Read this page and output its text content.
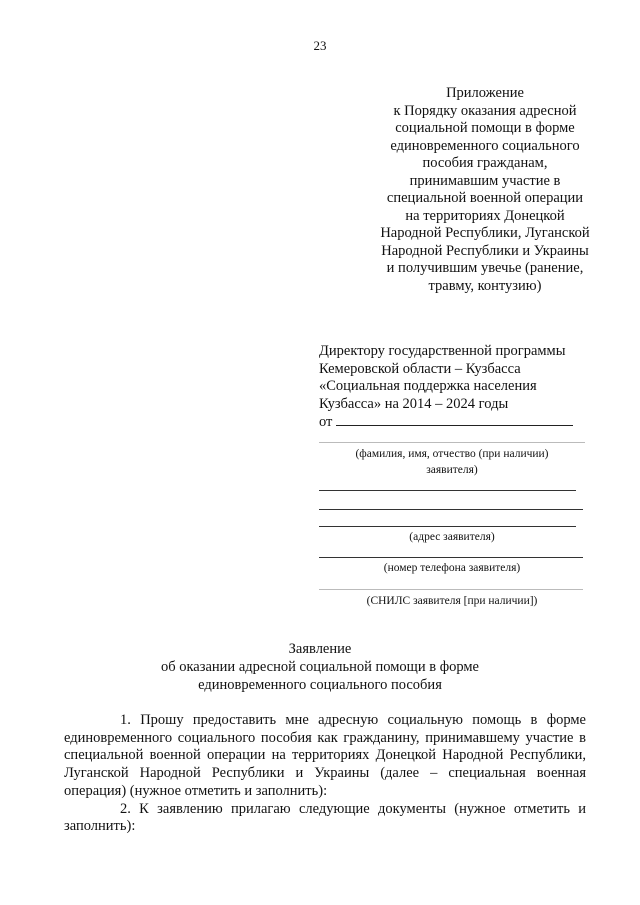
23
Приложение
к Порядку оказания адресной
социальной помощи в форме
единовременного социального
пособия гражданам,
принимавшим участие в
специальной военной операции
на территориях Донецкой
Народной Республики, Луганской
Народной Республики и Украины
и получившим увечье (ранение,
травму, контузию)
Директору государственной программы
Кемеровской области – Кузбасса
«Социальная поддержка населения
Кузбасса» на 2014 – 2024 годы
от
(фамилия, имя, отчество (при наличии)
заявителя)
(адрес заявителя)
(номер телефона заявителя)
(СНИЛС заявителя [при наличии])
Заявление
об оказании адресной социальной помощи в форме
единовременного социального пособия

1. Прошу предоставить мне адресную социальную помощь в форме единовременного социального пособия как гражданину, принимавшему участие в специальной военной операции на территориях Донецкой Народной Республики, Луганской Народной Республики и Украины (далее – специальная военная операция) (нужное отметить и заполнить):

2. К заявлению прилагаю следующие документы (нужное отметить и заполнить):
